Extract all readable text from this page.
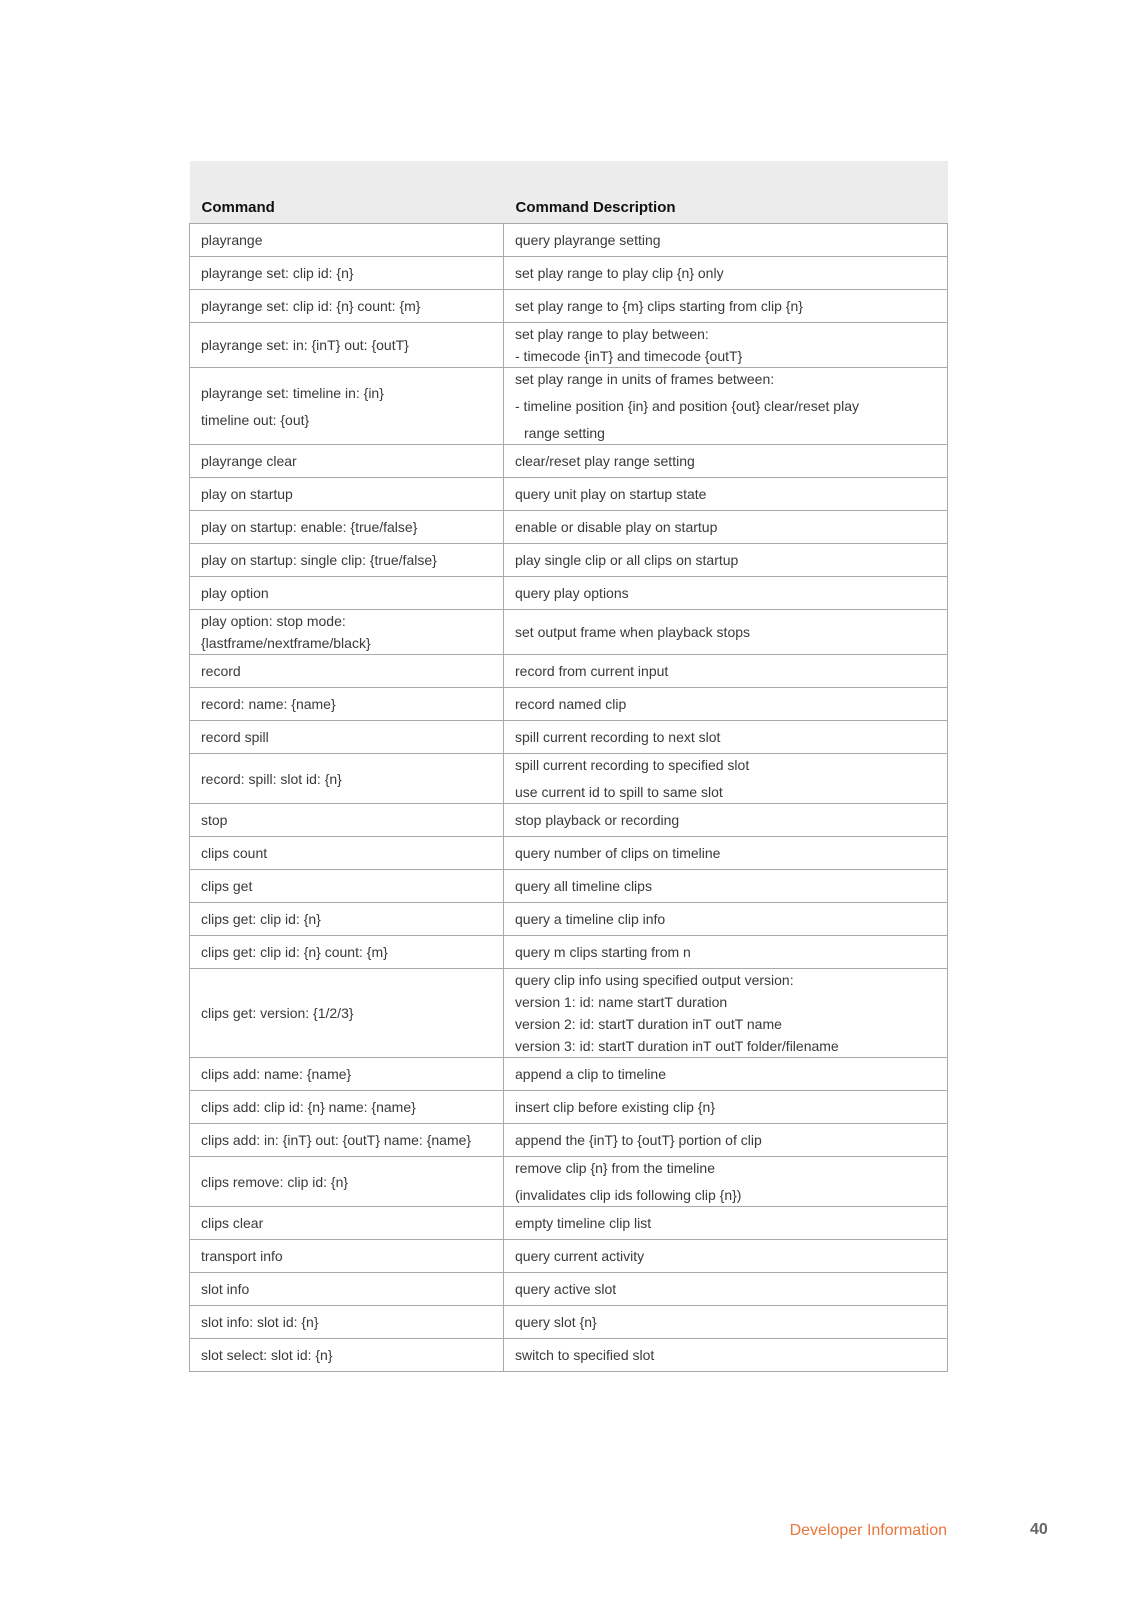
Command	Command Description

playrange	query playrange setting

playrange set: clip id: {n}	set play range to play clip {n} only

playrange set: clip id: {n} count: {m}	set play range to {m} clips starting from clip {n}

playrange set: in: {inT} out: {outT}	set play range to play between:
- timecode {inT} and timecode {outT}

playrange set: timeline in: {in}
timeline out: {out}	set play range in units of frames between:
- timeline position {in} and position {out} clear/reset play
range setting

playrange clear	clear/reset play range setting

play on startup	query unit play on startup state

play on startup: enable: {true/false}	enable or disable play on startup

play on startup: single clip: {true/false}	play single clip or all clips on startup

play option	query play options

play option: stop mode:
{lastframe/nextframe/black}	set output frame when playback stops

record	record from current input

record: name: {name}	record named clip

record spill	spill current recording to next slot

record: spill: slot id: {n}	spill current recording to specified slot
use current id to spill to same slot

stop	stop playback or recording

clips count	query number of clips on timeline

clips get	query all timeline clips

clips get: clip id: {n}	query a timeline clip info

clips get: clip id: {n} count: {m}	query m clips starting from n

clips get: version: {1/2/3}	query clip info using specified output version:
version 1: id: name startT duration
version 2: id: startT duration inT outT name
version 3: id: startT duration inT outT folder/filename

clips add: name: {name}	append a clip to timeline

clips add: clip id: {n} name: {name}	insert clip before existing clip {n}

clips add: in: {inT} out: {outT} name: {name}	append the {inT} to {outT} portion of clip

clips remove: clip id: {n}	remove clip {n} from the timeline
(invalidates clip ids following clip {n})

clips clear	empty timeline clip list

transport info	query current activity

slot info	query active slot

slot info: slot id: {n}	query slot {n}

slot select: slot id: {n}	switch to specified slot
Developer Information	40
